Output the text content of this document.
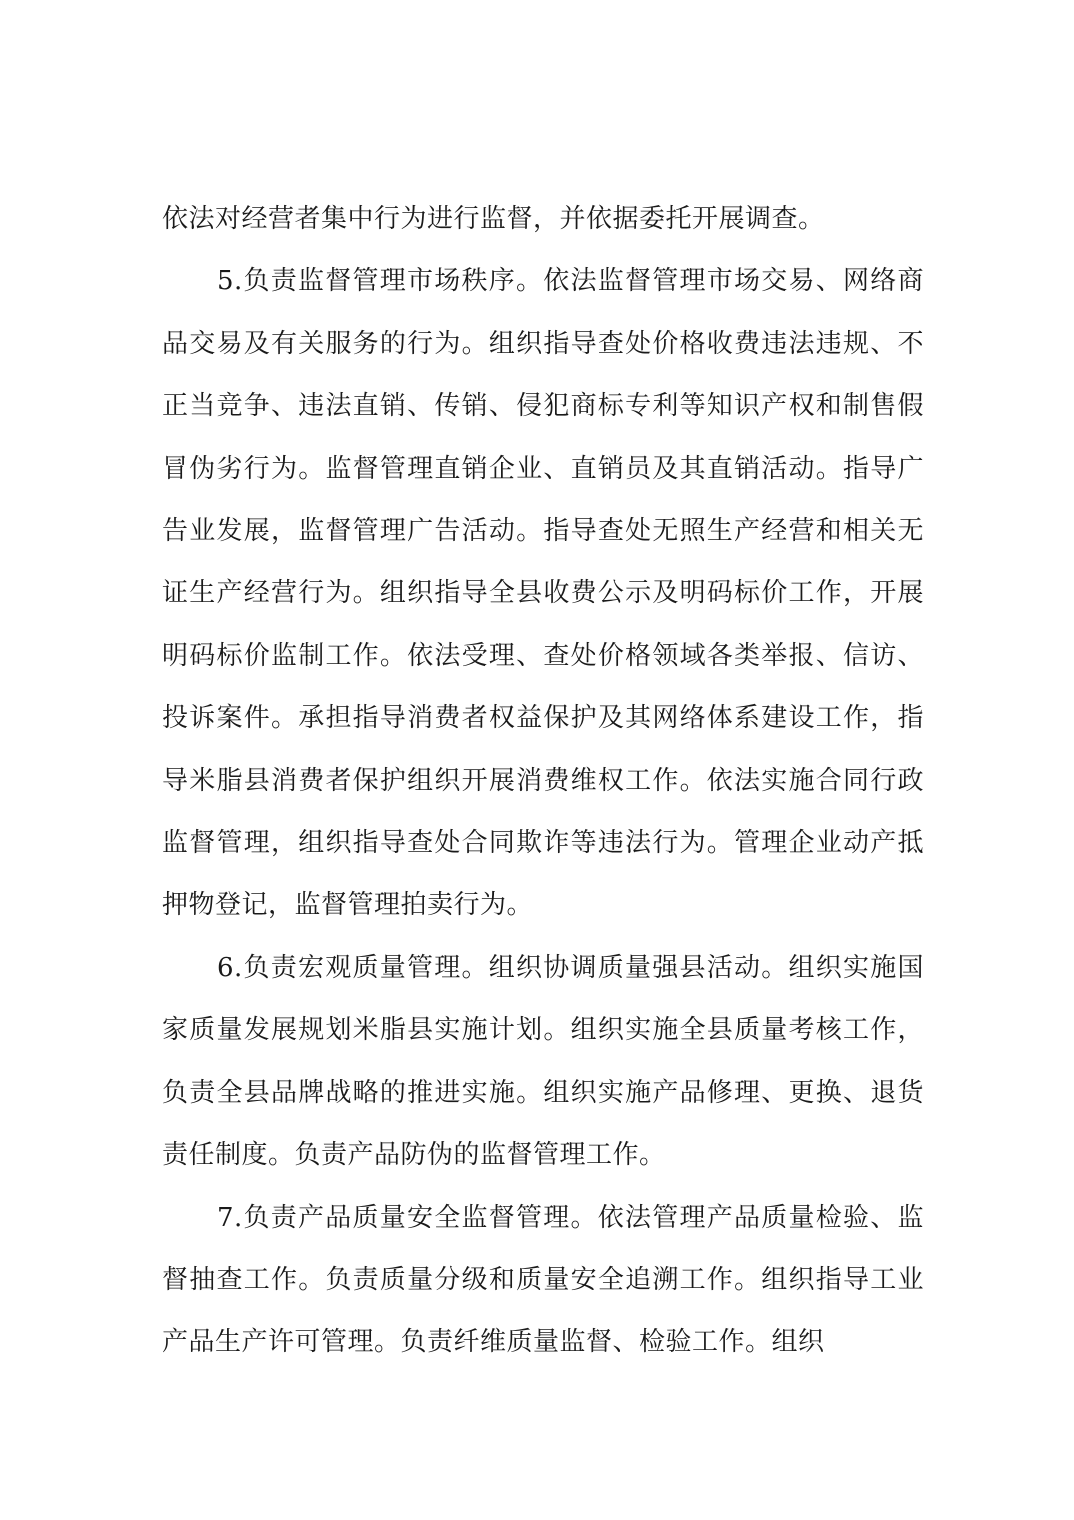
依法对经营者集中行为进行监督，并依据委托开展调查。

5.负责监督管理市场秩序。依法监督管理市场交易、网络商品交易及有关服务的行为。组织指导查处价格收费违法违规、不正当竞争、违法直销、传销、侵犯商标专利等知识产权和制售假冒伪劣行为。监督管理直销企业、直销员及其直销活动。指导广告业发展，监督管理广告活动。指导查处无照生产经营和相关无证生产经营行为。组织指导全县收费公示及明码标价工作，开展明码标价监制工作。依法受理、查处价格领域各类举报、信访、投诉案件。承担指导消费者权益保护及其网络体系建设工作，指导米脂县消费者保护组织开展消费维权工作。依法实施合同行政监督管理，组织指导查处合同欺诈等违法行为。管理企业动产抵押物登记，监督管理拍卖行为。

6.负责宏观质量管理。组织协调质量强县活动。组织实施国家质量发展规划米脂县实施计划。组织实施全县质量考核工作，负责全县品牌战略的推进实施。组织实施产品修理、更换、退货责任制度。负责产品防伪的监督管理工作。

7.负责产品质量安全监督管理。依法管理产品质量检验、监督抽查工作。负责质量分级和质量安全追溯工作。组织指导工业产品生产许可管理。负责纤维质量监督、检验工作。组织
